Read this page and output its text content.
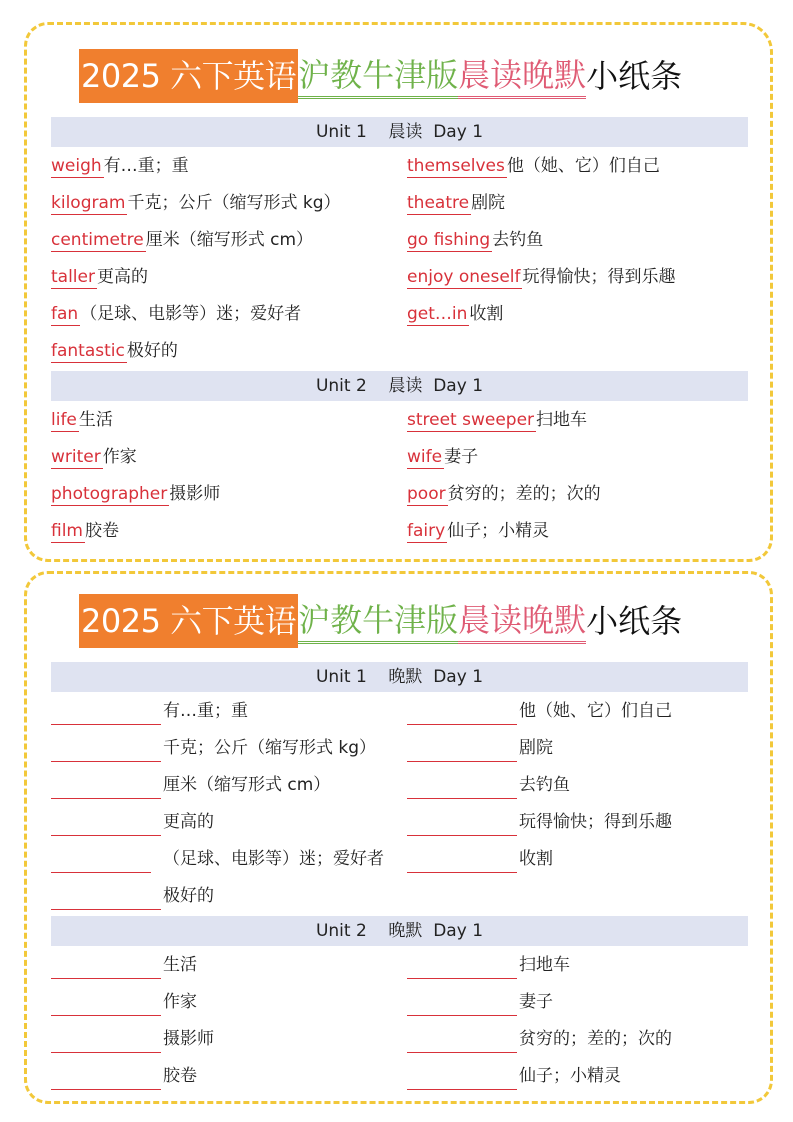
2025 六下英语 沪教牛津版 晨读晚默 小纸条
Unit 1    晨读  Day 1
weigh 有…重；重
kilogram 千克；公斤（缩写形式 kg）
centimetre 厘米（缩写形式 cm）
taller 更高的
fan （足球、电影等）迷；爱好者
fantastic 极好的
themselves 他（她、它）们自己
theatre 剧院
go fishing 去钓鱼
enjoy oneself 玩得愉快；得到乐趣
get…in 收割
Unit 2    晨读  Day 1
life 生活
writer 作家
photographer 摄影师
film 胶卷
street sweeper 扫地车
wife 妻子
poor 贫穷的；差的；次的
fairy 仙子；小精灵
2025 六下英语 沪教牛津版 晨读晚默 小纸条
Unit 1    晚默  Day 1
有…重；重
千克；公斤（缩写形式 kg）
厘米（缩写形式 cm）
更高的
（足球、电影等）迷；爱好者
极好的
他（她、它）们自己
剧院
去钓鱼
玩得愉快；得到乐趣
收割
Unit 2    晚默  Day 1
生活
作家
摄影师
胶卷
扫地车
妻子
贫穷的；差的；次的
仙子；小精灵
